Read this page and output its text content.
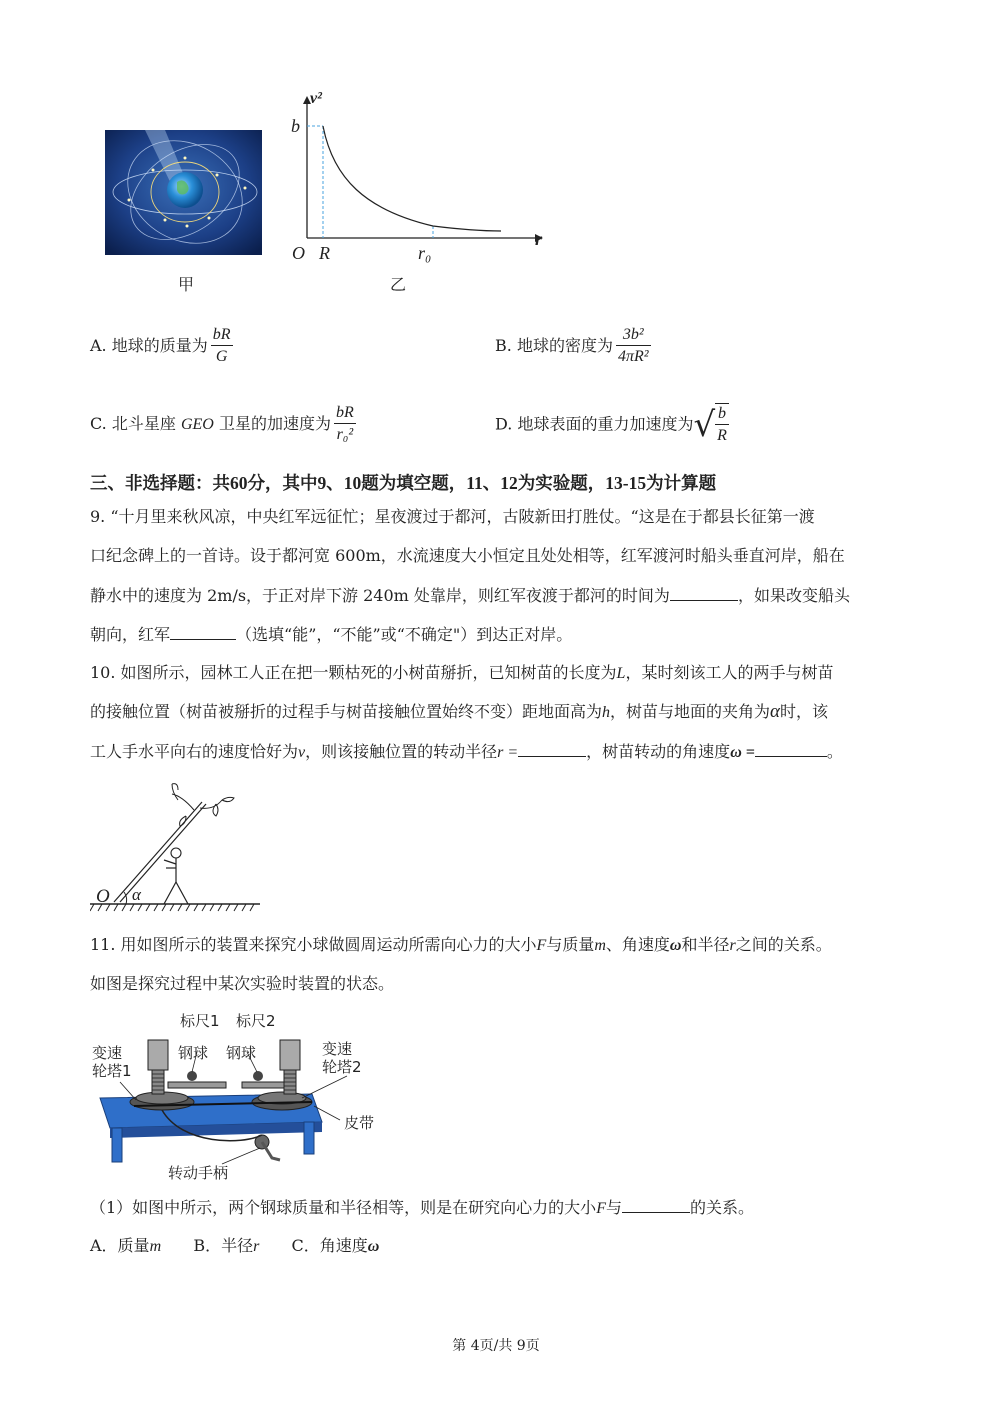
甲
v²
b
O R	r₀
r
乙
A. 地球的质量为 $\frac{bR}{G}$	B. 地球的密度为 $\frac{\text{3b²}}{\text{4πR²}}$
C. 北斗星座 GEO 卫星的加速度为 $\frac{bR}{\text{r₀²}}$	D. 地球表面的重力加速度为√ $\frac{b}{R}$
三、非选择题：共60分，其中9、10题为填空题，11、12为实验题，13-15为计算题
9. “十月里来秋风凉，中央红军远征忙；星夜渡过于都河，古陂新田打胜仗。“这是在于都县长征第一渡
口纪念碑上的一首诗。设于都河宽 600m，水流速度大小恒定且处处相等，红军渡河时船头垂直河岸，船在
静水中的速度为 2m/s，于正对岸下游 240m 处靠岸，则红军夜渡于都河的时间为	，如果改变船头
朝向，红军	（选填“能”，“不能”或“不确定"）到达正对岸。
10. 如图所示，园林工人正在把一颗枯死的小树苗掰折，已知树苗的长度为L，某时刻该工人的两手与树苗
的接触位置（树苗被掰折的过程手与树苗接触位置始终不变）距地面高为h，树苗与地面的夹角为α时，该
工人手水平向右的速度恰好为v，则该接触位置的转动半径r =	，树苗转动的角速度ω =	。
O α
11. 用如图所示的装置来探究小球做圆周运动所需向心力的大小F与质量m、角速度ω和半径r之间的关系。
如图是探究过程中某次实验时装置的状态。
标尺1 标尺2
钢球 钢球
变速
轮塔1
变速
轮塔2
皮带
转动手柄
（1）如图中所示，两个钢球质量和半径相等，则是在研究向心力的大小F与	的关系。
A．质量m B．半径r C．角速度ω
第 4页/共 9页
